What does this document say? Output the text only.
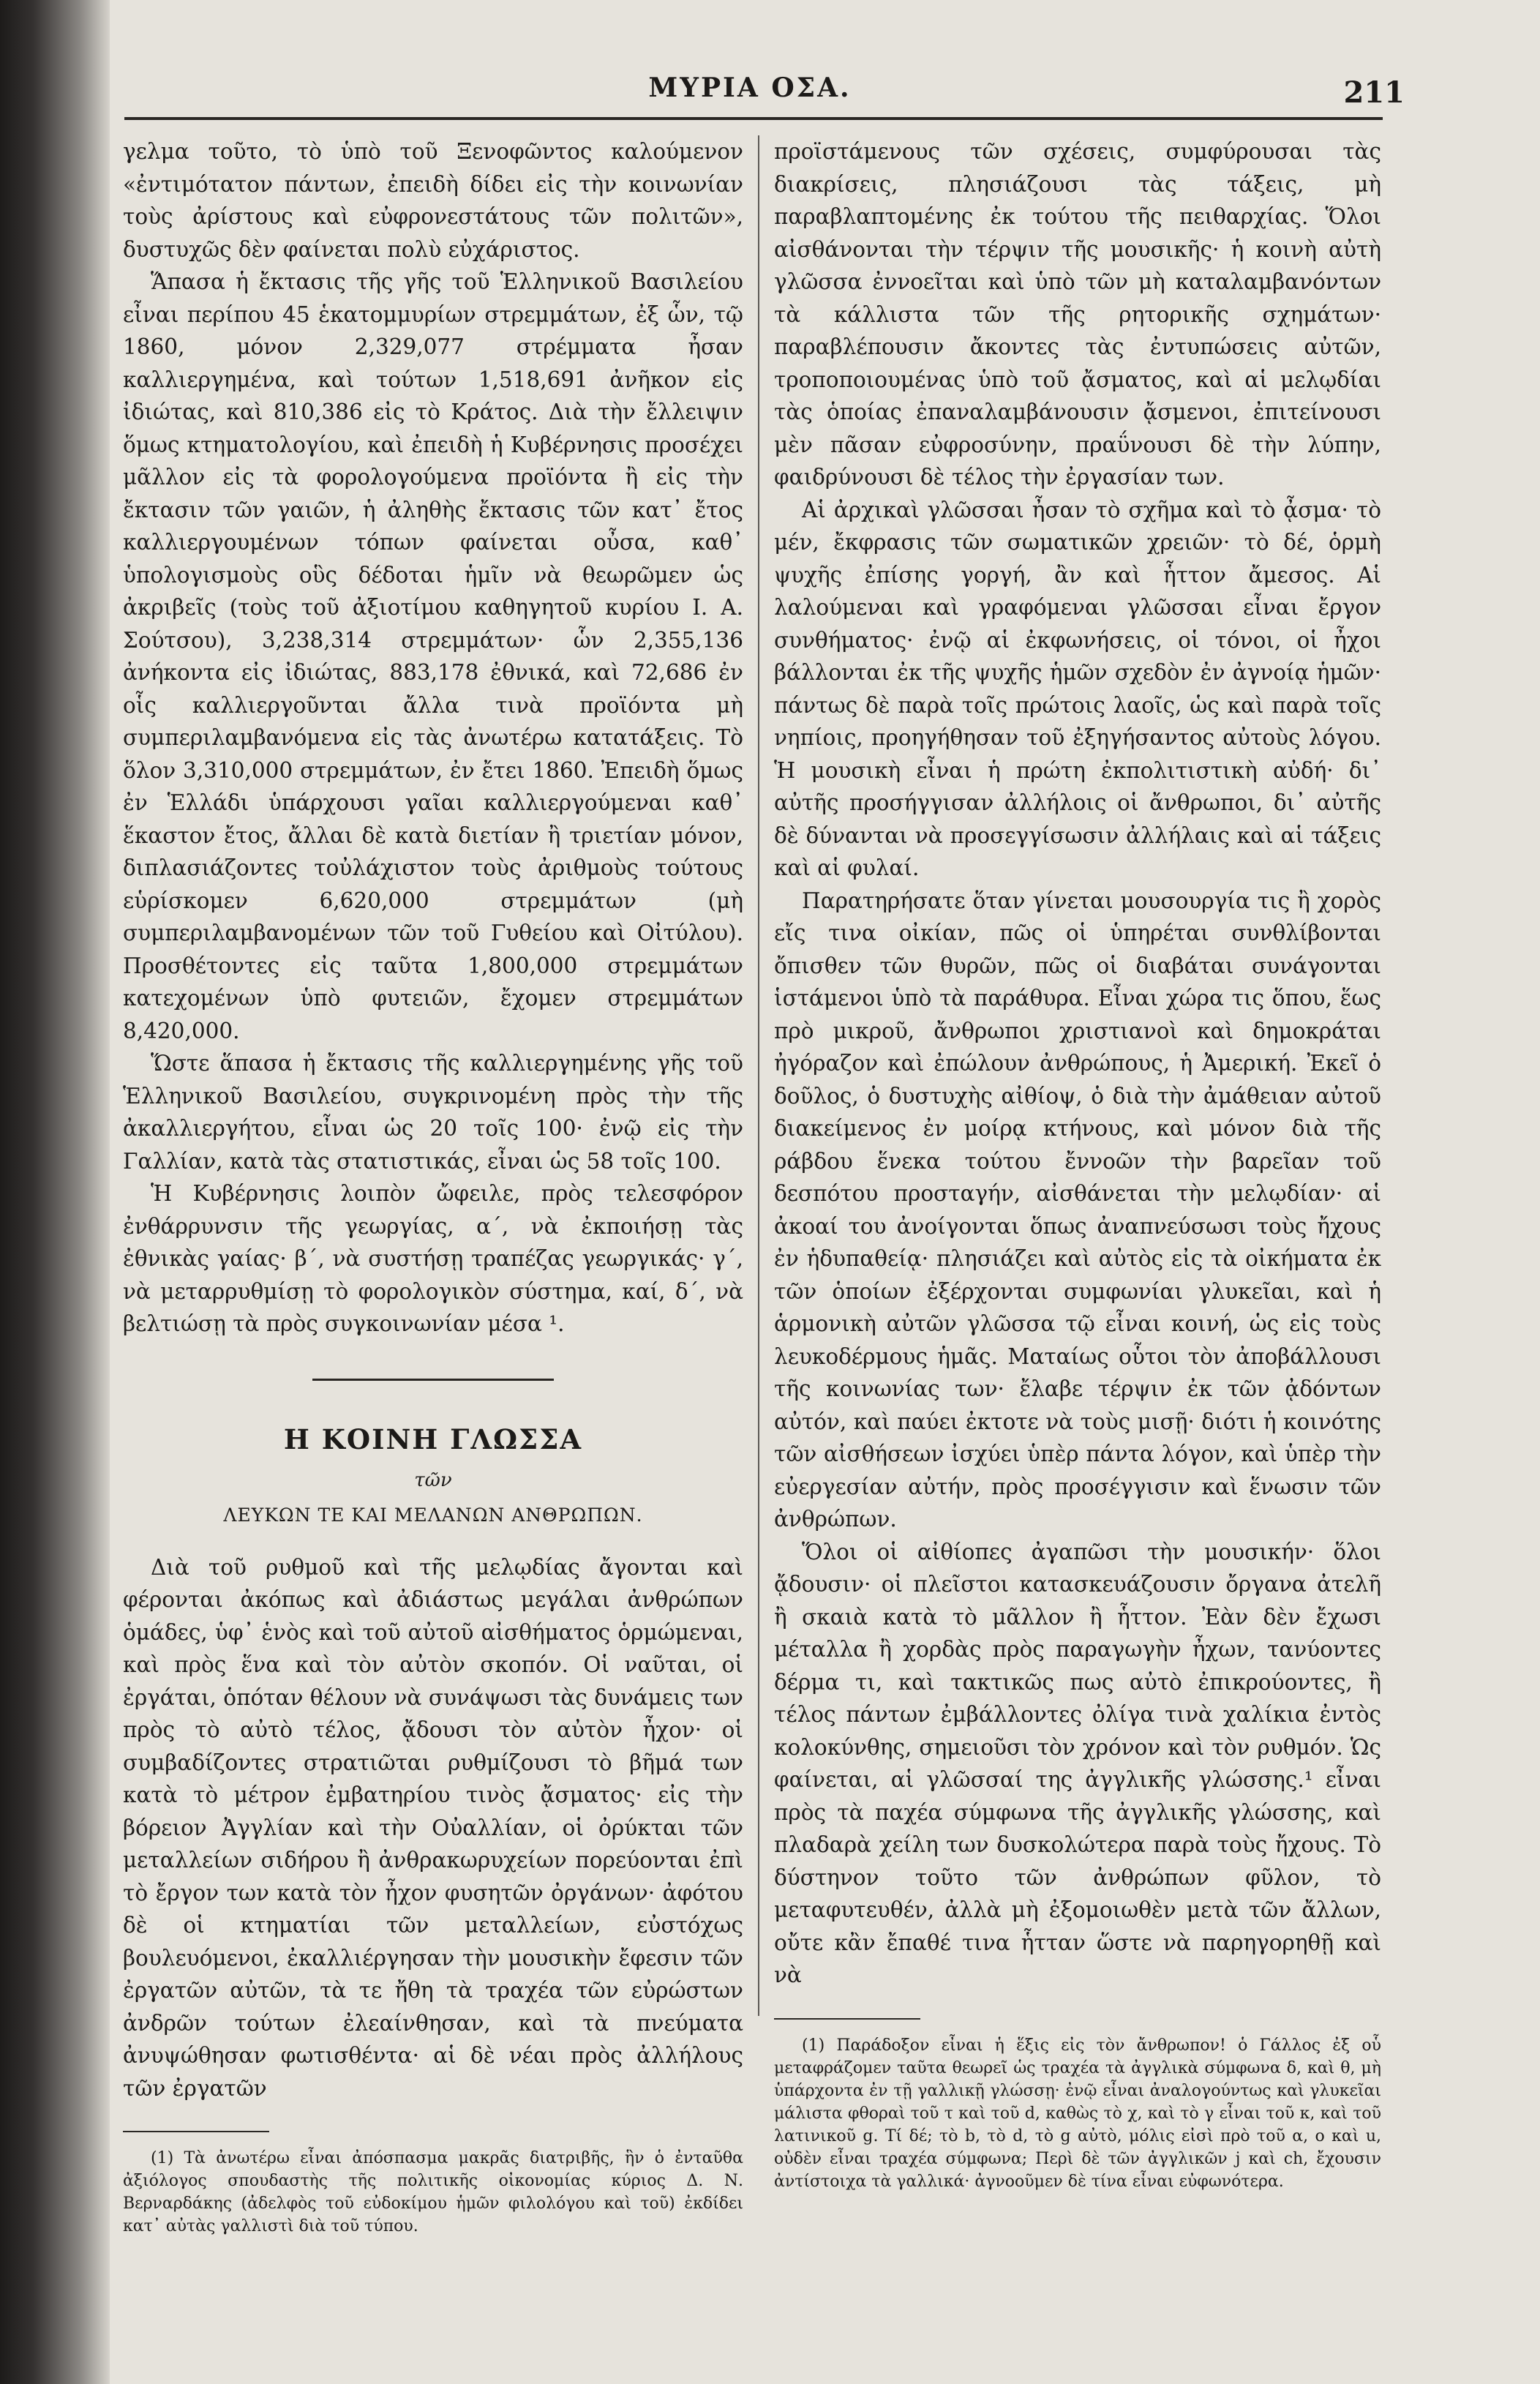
ΜΥΡΙΑ ΟΣΑ.	211

γελμα τοῦτο, τὸ ὑπὸ τοῦ Ξενοφῶντος καλούμενον «ἐντιμότατον πάντων, ἐπειδὴ δίδει εἰς τὴν κοινωνίαν τοὺς ἀρίστους καὶ εὐφρονεστάτους τῶν πολιτῶν», δυστυχῶς δὲν φαίνεται πολὺ εὐχάριστος.

Ἅπασα ἡ ἔκτασις τῆς γῆς τοῦ Ἑλληνικοῦ Βασιλείου εἶναι περίπου 45 ἑκατομμυρίων στρεμμάτων, ἐξ ὧν, τῷ 1860, μόνον 2,329,077 στρέμματα ἦσαν καλλιεργημένα, καὶ τούτων 1,518,691 ἀνῆκον εἰς ἰδιώτας, καὶ 810,386 εἰς τὸ Κράτος. Διὰ τὴν ἔλλειψιν ὅμως κτηματολογίου, καὶ ἐπειδὴ ἡ Κυβέρνησις προσέχει μᾶλλον εἰς τὰ φορολογούμενα προϊόντα ἢ εἰς τὴν ἔκτασιν τῶν γαιῶν, ἡ ἀληθὴς ἔκτασις τῶν κατ᾽ ἔτος καλλιεργουμένων τόπων φαίνεται οὖσα, καθ᾽ ὑπολογισμοὺς οὓς δέδοται ἡμῖν νὰ θεωρῶμεν ὡς ἀκριβεῖς (τοὺς τοῦ ἀξιοτίμου καθηγητοῦ κυρίου Ι. Α. Σούτσου), 3,238,314 στρεμμάτων· ὧν 2,355,136 ἀνήκοντα εἰς ἰδιώτας, 883,178 ἐθνικά, καὶ 72,686 ἐν οἷς καλλιεργοῦνται ἄλλα τινὰ προϊόντα μὴ συμπεριλαμβανόμενα εἰς τὰς ἀνωτέρω κατατάξεις. Τὸ ὅλον 3,310,000 στρεμμάτων, ἐν ἔτει 1860. Ἐπειδὴ ὅμως ἐν Ἑλλάδι ὑπάρχουσι γαῖαι καλλιεργούμεναι καθ᾽ ἕκαστον ἔτος, ἄλλαι δὲ κατὰ διετίαν ἢ τριετίαν μόνον, διπλασιάζοντες τοὐλάχιστον τοὺς ἀριθμοὺς τούτους εὑρίσκομεν 6,620,000 στρεμμάτων (μὴ συμπεριλαμβανομένων τῶν τοῦ Γυθείου καὶ Οἰτύλου). Προσθέτοντες εἰς ταῦτα 1,800,000 στρεμμάτων κατεχομένων ὑπὸ φυτειῶν, ἔχομεν στρεμμάτων 8,420,000.

Ὥστε ἅπασα ἡ ἔκτασις τῆς καλλιεργημένης γῆς τοῦ Ἑλληνικοῦ Βασιλείου, συγκρινομένη πρὸς τὴν τῆς ἀκαλλιεργήτου, εἶναι ὡς 20 τοῖς 100· ἐνῷ εἰς τὴν Γαλλίαν, κατὰ τὰς στατιστικάς, εἶναι ὡς 58 τοῖς 100.

Ἡ Κυβέρνησις λοιπὸν ὤφειλε, πρὸς τελεσφόρον ἐνθάρρυνσιν τῆς γεωργίας, α΄, νὰ ἐκποιήσῃ τὰς ἐθνικὰς γαίας· β΄, νὰ συστήσῃ τραπέζας γεωργικάς· γ΄, νὰ μεταρρυθμίσῃ τὸ φορολογικὸν σύστημα, καί, δ΄, νὰ βελτιώσῃ τὰ πρὸς συγκοινωνίαν μέσα ¹.

Η ΚΟΙΝΗ ΓΛΩΣΣΑ
τῶν
ΛΕΥΚΩΝ ΤΕ ΚΑΙ ΜΕΛΑΝΩΝ ΑΝΘΡΩΠΩΝ.

Διὰ τοῦ ρυθμοῦ καὶ τῆς μελῳδίας ἄγονται καὶ φέρονται ἀκόπως καὶ ἀδιάστως μεγάλαι ἀνθρώπων ὁμάδες, ὑφ᾽ ἑνὸς καὶ τοῦ αὐτοῦ αἰσθήματος ὁρμώμεναι, καὶ πρὸς ἕνα καὶ τὸν αὐτὸν σκοπόν. Οἱ ναῦται, οἱ ἐργάται, ὁπόταν θέλουν νὰ συνάψωσι τὰς δυνάμεις των πρὸς τὸ αὐτὸ τέλος, ᾄδουσι τὸν αὐτὸν ἦχον· οἱ συμβαδίζοντες στρατιῶται ρυθμίζουσι τὸ βῆμά των κατὰ τὸ μέτρον ἐμβατηρίου τινὸς ᾄσματος· εἰς τὴν βόρειον Ἀγγλίαν καὶ τὴν Οὐαλλίαν, οἱ ὀρύκται τῶν μεταλλείων σιδήρου ἢ ἀνθρακωρυχείων πορεύονται ἐπὶ τὸ ἔργον των κατὰ τὸν ἦχον φυσητῶν ὀργάνων· ἀφότου δὲ οἱ κτηματίαι τῶν μεταλλείων, εὐστόχως βουλευόμενοι, ἐκαλλιέργησαν τὴν μουσικὴν ἔφεσιν τῶν ἐργατῶν αὐτῶν, τὰ τε ἤθη τὰ τραχέα τῶν εὐρώστων ἀνδρῶν τούτων ἐλεαίνθησαν, καὶ τὰ πνεύματα ἀνυψώθησαν φωτισθέντα· αἱ δὲ νέαι πρὸς ἀλλήλους τῶν ἐργατῶν

(1) Τὰ ἀνωτέρω εἶναι ἀπόσπασμα μακρᾶς διατριβῆς, ἣν ὁ ἐνταῦθα ἀξιόλογος σπουδαστὴς τῆς πολιτικῆς οἰκονομίας κύριος Δ. Ν. Βερναρδάκης (ἀδελφὸς τοῦ εὐδοκίμου ἡμῶν φιλολόγου καὶ τοῦ) ἐκδίδει κατ᾽ αὐτὰς γαλλιστὶ διὰ τοῦ τύπου.

προϊστάμενους τῶν σχέσεις, συμφύρουσαι τὰς διακρίσεις, πλησιάζουσι τὰς τάξεις, μὴ παραβλαπτομένης ἐκ τούτου τῆς πειθαρχίας. Ὅλοι αἰσθάνονται τὴν τέρψιν τῆς μουσικῆς· ἡ κοινὴ αὐτὴ γλῶσσα ἐννοεῖται καὶ ὑπὸ τῶν μὴ καταλαμβανόντων τὰ κάλλιστα τῶν τῆς ρητορικῆς σχημάτων· παραβλέπουσιν ἄκοντες τὰς ἐντυπώσεις αὐτῶν, τροποποιουμένας ὑπὸ τοῦ ᾄσματος, καὶ αἱ μελῳδίαι τὰς ὁποίας ἐπαναλαμβάνουσιν ᾄσμενοι, ἐπιτείνουσι μὲν πᾶσαν εὐφροσύνην, πραΰνουσι δὲ τὴν λύπην, φαιδρύνουσι δὲ τέλος τὴν ἐργασίαν των.

Αἱ ἀρχικαὶ γλῶσσαι ἦσαν τὸ σχῆμα καὶ τὸ ᾆσμα· τὸ μέν, ἔκφρασις τῶν σωματικῶν χρειῶν· τὸ δέ, ὁρμὴ ψυχῆς ἐπίσης γοργή, ἂν καὶ ἧττον ἄμεσος. Αἱ λαλούμεναι καὶ γραφόμεναι γλῶσσαι εἶναι ἔργον συνθήματος· ἐνῷ αἱ ἐκφωνήσεις, οἱ τόνοι, οἱ ἦχοι βάλλονται ἐκ τῆς ψυχῆς ἡμῶν σχεδὸν ἐν ἀγνοίᾳ ἡμῶν· πάντως δὲ παρὰ τοῖς πρώτοις λαοῖς, ὡς καὶ παρὰ τοῖς νηπίοις, προηγήθησαν τοῦ ἐξηγήσαντος αὐτοὺς λόγου. Ἡ μουσικὴ εἶναι ἡ πρώτη ἐκπολιτιστικὴ αὐδή· δι᾽ αὐτῆς προσήγγισαν ἀλλήλοις οἱ ἄνθρωποι, δι᾽ αὐτῆς δὲ δύνανται νὰ προσεγγίσωσιν ἀλλήλαις καὶ αἱ τάξεις καὶ αἱ φυλαί.

Παρατηρήσατε ὅταν γίνεται μουσουργία τις ἢ χορὸς εἴς τινα οἰκίαν, πῶς οἱ ὑπηρέται συνθλίβονται ὄπισθεν τῶν θυρῶν, πῶς οἱ διαβάται συνάγονται ἱστάμενοι ὑπὸ τὰ παράθυρα. Εἶναι χώρα τις ὅπου, ἕως πρὸ μικροῦ, ἄνθρωποι χριστιανοὶ καὶ δημοκράται ἠγόραζον καὶ ἐπώλουν ἀνθρώπους, ἡ Ἀμερική. Ἐκεῖ ὁ δοῦλος, ὁ δυστυχὴς αἰθίοψ, ὁ διὰ τὴν ἀμάθειαν αὐτοῦ διακείμενος ἐν μοίρᾳ κτήνους, καὶ μόνον διὰ τῆς ράβδου ἕνεκα τούτου ἔννοῶν τὴν βαρεῖαν τοῦ δεσπότου προσταγήν, αἰσθάνεται τὴν μελῳδίαν· αἱ ἀκοαί του ἀνοίγονται ὅπως ἀναπνεύσωσι τοὺς ἤχους ἐν ἡδυπαθείᾳ· πλησιάζει καὶ αὐτὸς εἰς τὰ οἰκήματα ἐκ τῶν ὁποίων ἐξέρχονται συμφωνίαι γλυκεῖαι, καὶ ἡ ἁρμονικὴ αὐτῶν γλῶσσα τῷ εἶναι κοινή, ὡς εἰς τοὺς λευκοδέρμους ἡμᾶς. Ματαίως οὗτοι τὸν ἀποβάλλουσι τῆς κοινωνίας των· ἔλαβε τέρψιν ἐκ τῶν ᾀδόντων αὐτόν, καὶ παύει ἐκτοτε νὰ τοὺς μισῇ· διότι ἡ κοινότης τῶν αἰσθήσεων ἰσχύει ὑπὲρ πάντα λόγον, καὶ ὑπὲρ τὴν εὐεργεσίαν αὐτήν, πρὸς προσέγγισιν καὶ ἕνωσιν τῶν ἀνθρώπων.

Ὅλοι οἱ αἰθίοπες ἀγαπῶσι τὴν μουσικήν· ὅλοι ᾄδουσιν· οἱ πλεῖστοι κατασκευάζουσιν ὄργανα ἀτελῆ ἢ σκαιὰ κατὰ τὸ μᾶλλον ἢ ἧττον. Ἐὰν δὲν ἔχωσι μέταλλα ἢ χορδὰς πρὸς παραγωγὴν ἦχων, τανύοντες δέρμα τι, καὶ τακτικῶς πως αὐτὸ ἐπικρούοντες, ἢ τέλος πάντων ἐμβάλλοντες ὀλίγα τινὰ χαλίκια ἐντὸς κολοκύνθης, σημειοῦσι τὸν χρόνον καὶ τὸν ρυθμόν. Ὡς φαίνεται, αἱ γλῶσσαί της ἀγγλικῆς γλώσσης.¹ εἶναι πρὸς τὰ παχέα σύμφωνα τῆς ἀγγλικῆς γλώσσης, καὶ πλαδαρὰ χείλη των δυσκολώτερα παρὰ τοὺς ἤχους. Τὸ δύστηνον τοῦτο τῶν ἀνθρώπων φῦλον, τὸ μεταφυτευθέν, ἀλλὰ μὴ ἐξομοιωθὲν μετὰ τῶν ἄλλων, οὔτε κἂν ἔπαθέ τινα ἧτταν ὥστε νὰ παρηγορηθῇ καὶ νὰ

(1) Παράδοξον εἶναι ἡ ἕξις εἰς τὸν ἄνθρωπον! ὁ Γάλλος ἐξ οὗ μεταφράζομεν ταῦτα θεωρεῖ ὡς τραχέα τὰ ἀγγλικὰ σύμφωνα δ, καὶ θ, μὴ ὑπάρχοντα ἐν τῇ γαλλικῇ γλώσσῃ· ἐνῷ εἶναι ἀναλογούντως καὶ γλυκεῖαι μάλιστα φθοραὶ τοῦ τ καὶ τοῦ d, καθὼς τὸ χ, καὶ τὸ γ εἶναι τοῦ κ, καὶ τοῦ λατινικοῦ g. Τί δέ; τὸ b, τὸ d, τὸ g αὐτὸ, μόλις εἰσὶ πρὸ τοῦ α, ο καὶ u, οὐδὲν εἶναι τραχέα σύμφωνα; Περὶ δὲ τῶν ἀγγλικῶν j καὶ ch, ἔχουσιν ἀντίστοιχα τὰ γαλλικά· ἀγνοοῦμεν δὲ τίνα εἶναι εὐφωνότερα.
